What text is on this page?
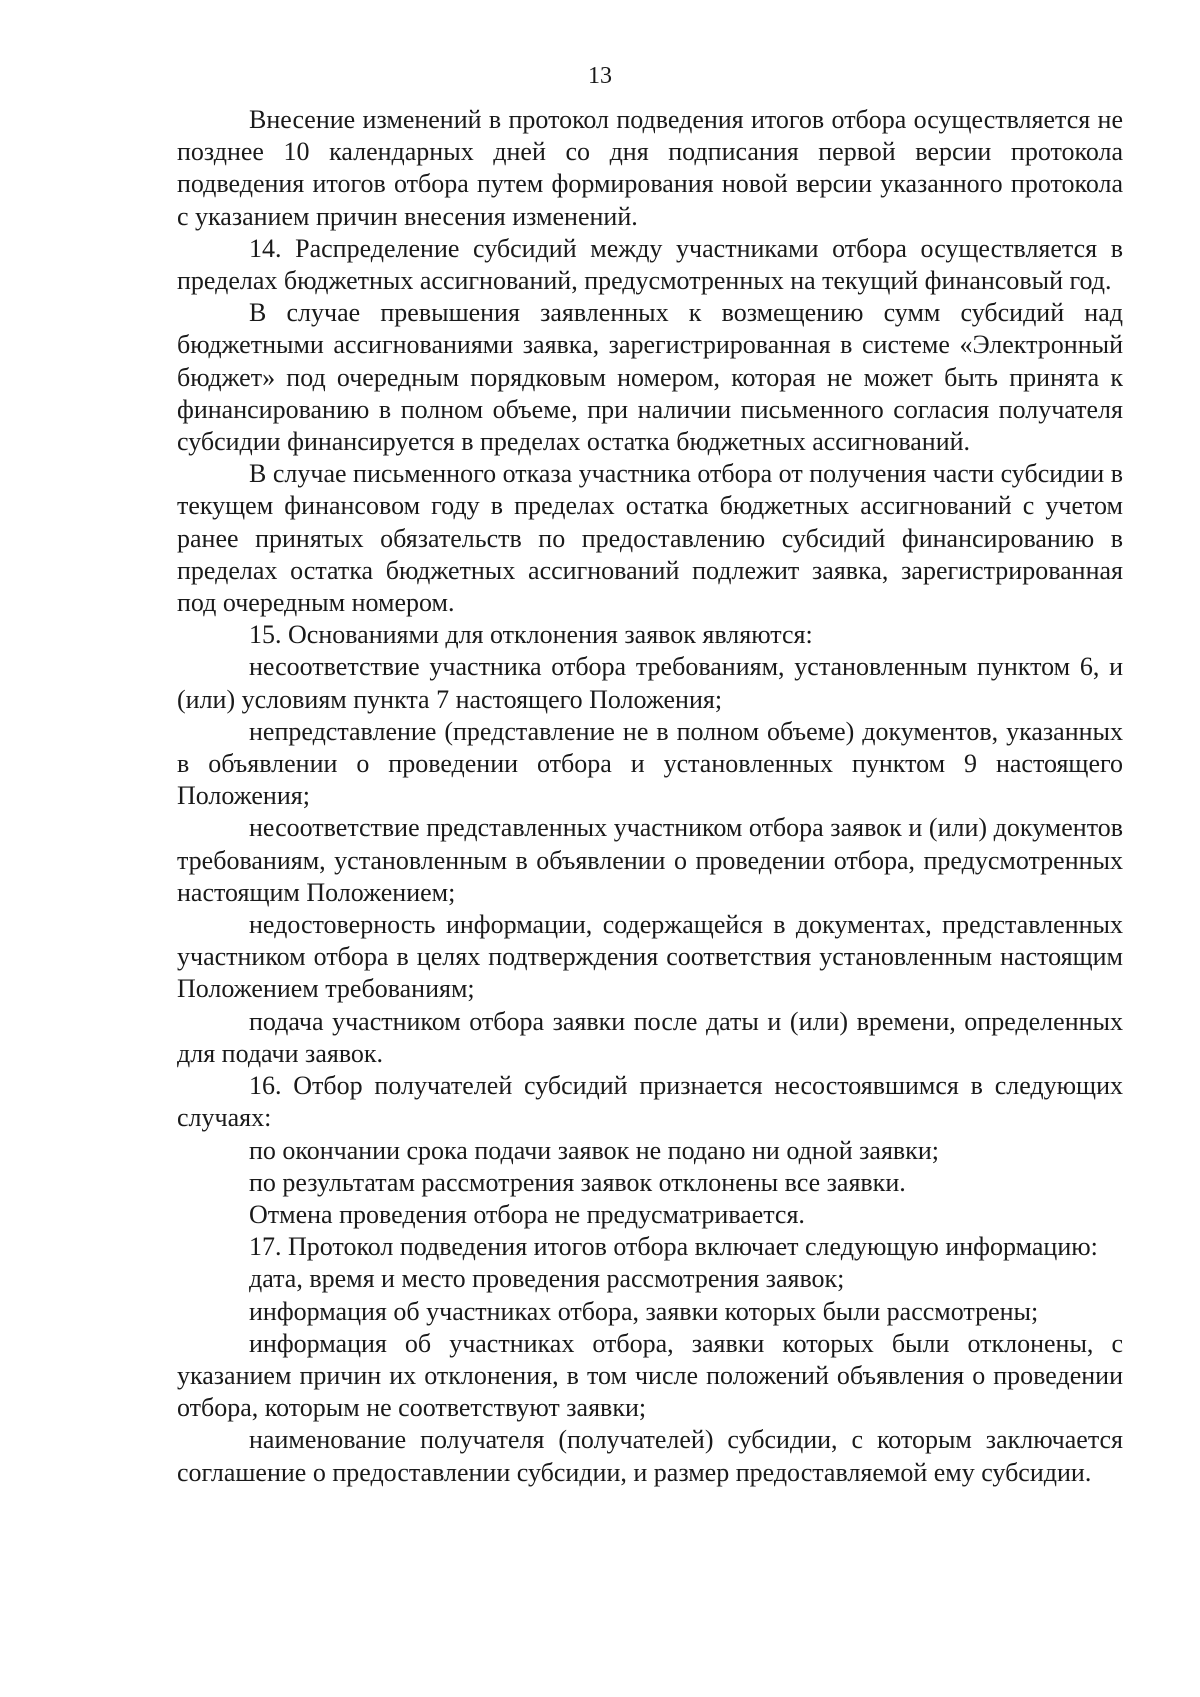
13

Внесение изменений в протокол подведения итогов отбора осуществляется не позднее 10 календарных дней со дня подписания первой версии протокола подведения итогов отбора путем формирования новой версии указанного протокола с указанием причин внесения изменений.

14. Распределение субсидий между участниками отбора осуществляется в пределах бюджетных ассигнований, предусмотренных на текущий финансовый год.

В случае превышения заявленных к возмещению сумм субсидий над бюджетными ассигнованиями заявка, зарегистрированная в системе «Электронный бюджет» под очередным порядковым номером, которая не может быть принята к финансированию в полном объеме, при наличии письменного согласия получателя субсидии финансируется в пределах остатка бюджетных ассигнований.

В случае письменного отказа участника отбора от получения части субсидии в текущем финансовом году в пределах остатка бюджетных ассигнований с учетом ранее принятых обязательств по предоставлению субсидий финансированию в пределах остатка бюджетных ассигнований подлежит заявка, зарегистрированная под очередным номером.

15. Основаниями для отклонения заявок являются:

несоответствие участника отбора требованиям, установленным пунктом 6, и (или) условиям пункта 7 настоящего Положения;

непредставление (представление не в полном объеме) документов, указанных в объявлении о проведении отбора и установленных пунктом 9 настоящего Положения;

несоответствие представленных участником отбора заявок и (или) документов требованиям, установленным в объявлении о проведении отбора, предусмотренных настоящим Положением;

недостоверность информации, содержащейся в документах, представленных участником отбора в целях подтверждения соответствия установленным настоящим Положением требованиям;

подача участником отбора заявки после даты и (или) времени, определенных для подачи заявок.

16. Отбор получателей субсидий признается несостоявшимся в следующих случаях:

по окончании срока подачи заявок не подано ни одной заявки;

по результатам рассмотрения заявок отклонены все заявки.

Отмена проведения отбора не предусматривается.

17. Протокол подведения итогов отбора включает следующую информацию:

дата, время и место проведения рассмотрения заявок;

информация об участниках отбора, заявки которых были рассмотрены;

информация об участниках отбора, заявки которых были отклонены, с указанием причин их отклонения, в том числе положений объявления о проведении отбора, которым не соответствуют заявки;

наименование получателя (получателей) субсидии, с которым заключается соглашение о предоставлении субсидии, и размер предоставляемой ему субсидии.
